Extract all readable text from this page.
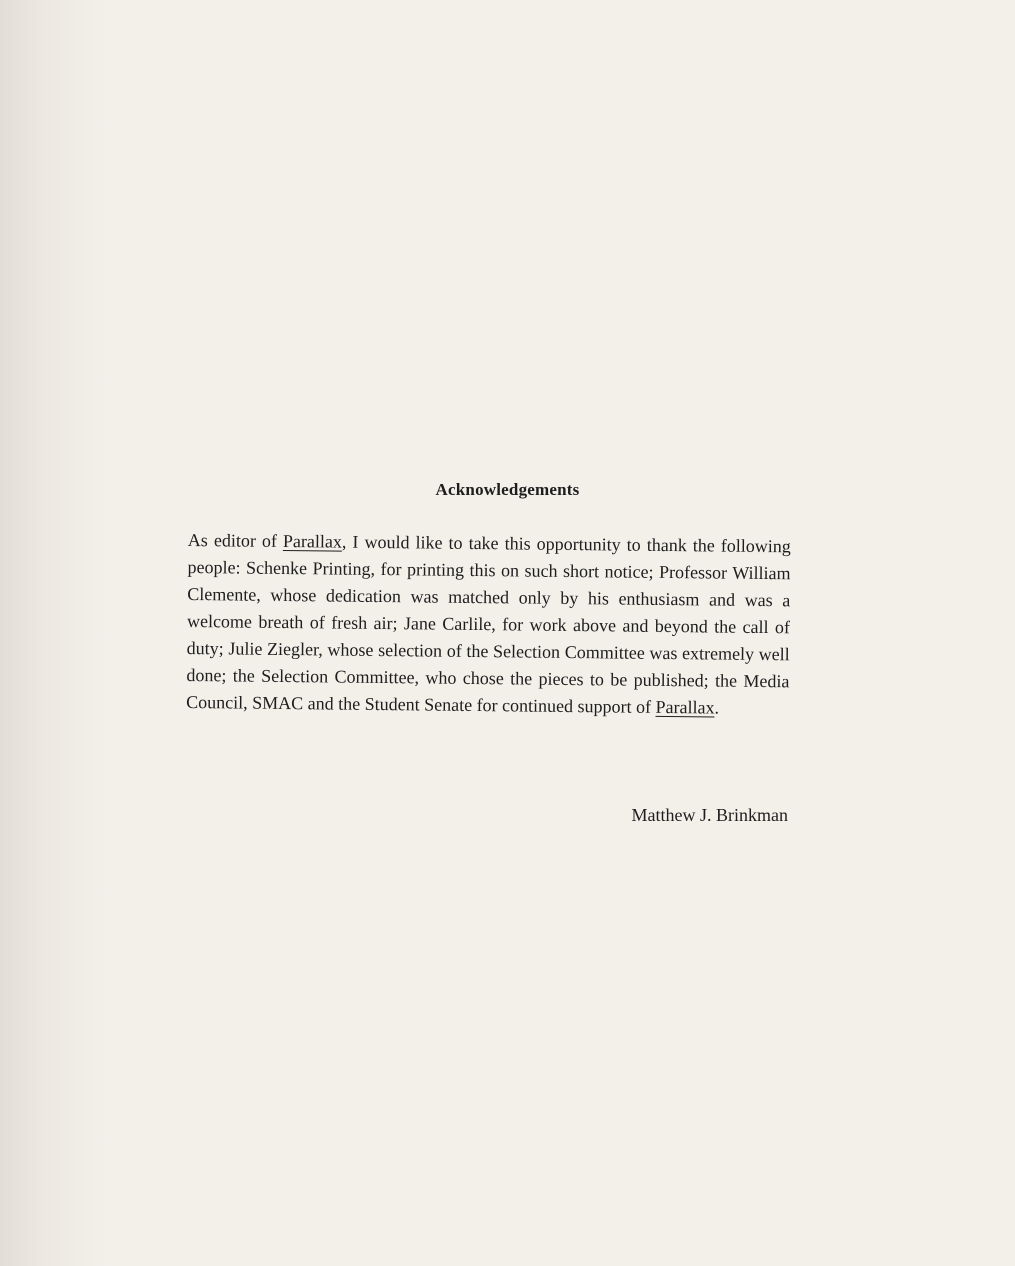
Acknowledgements
As editor of Parallax, I would like to take this opportunity to thank the following people: Schenke Printing, for printing this on such short notice; Professor William Clemente, whose dedication was matched only by his enthusiasm and was a welcome breath of fresh air; Jane Carlile, for work above and beyond the call of duty; Julie Ziegler, whose selection of the Selection Committee was extremely well done; the Selection Committee, who chose the pieces to be published; the Media Council, SMAC and the Student Senate for continued support of Parallax.
Matthew J. Brinkman
